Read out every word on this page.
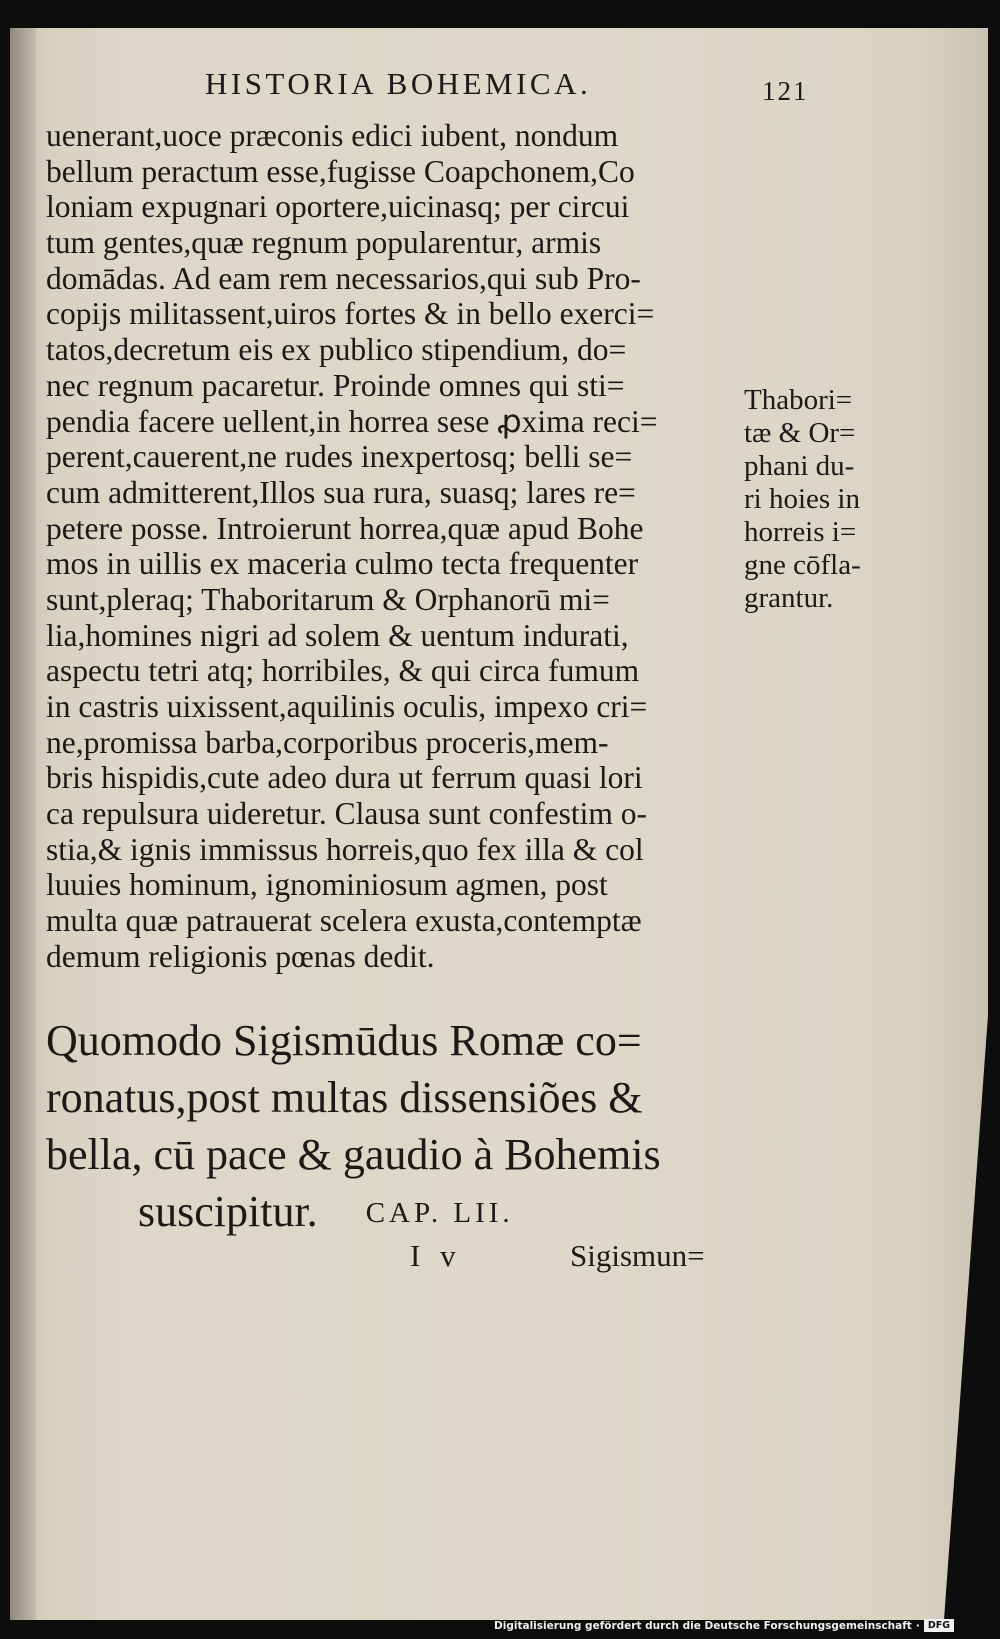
HISTORIA BOHEMICA.	121
uenerant,uoce præconis edici iubent, nondum
bellum peractum esse,fugisse Coapchonem,Co
loniam expugnari oportere,uicinasq; per circui
tum gentes,quæ regnum popularentur, armis
domādas. Ad eam rem necessarios,qui sub Pro-
copijs militassent,uiros fortes & in bello exerci=
tatos,decretum eis ex publico stipendium, do=
nec regnum pacaretur. Proinde omnes qui sti=
pendia facere uellent,in horrea sese ꝓxima reci=
perent,cauerent,ne rudes inexpertosq; belli se=
cum admitterent,Illos sua rura, suasq; lares re=
petere posse. Introierunt horrea,quæ apud Bohe
mos in uillis ex maceria culmo tecta frequenter
sunt,pleraq; Thaboritarum & Orphanorū mi=
lia,homines nigri ad solem & uentum indurati,
aspectu tetri atq; horribiles, & qui circa fumum
in castris uixissent,aquilinis oculis, impexo cri=
ne,promissa barba,corporibus proceris,mem-
bris hispidis,cute adeo dura ut ferrum quasi lori
ca repulsura uideretur. Clausa sunt confestim o-
stia,& ignis immissus horreis,quo fex illa & col
luuies hominum, ignominiosum agmen, post
multa quæ patrauerat scelera exusta,contemptæ
demum religionis pœnas dedit.
Thabori=
tæ & Or=
phani du-
ri hoies in
horreis i=
gne cōfla-
grantur.
Quomodo Sigismūdus Romæ co=
ronatus,post multas dissensiões &
bella, cū pace & gaudio à Bohemis
suscipitur. CAP. LII.
I v	Sigismun=
Digitalisierung gefördert durch die Deutsche Forschungsgemeinschaft · DFG
